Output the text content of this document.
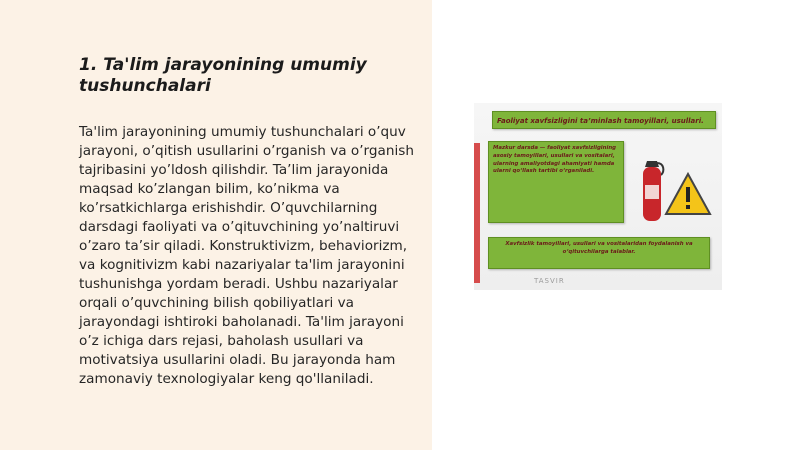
1. Ta'lim jarayonining umumiy tushunchalari

Ta'lim jarayonining umumiy tushunchalari o’quv jarayoni, o’qitish usullarini o’rganish va o’rganish tajribasini yo’ldosh qilishdir. Ta’lim jarayonida maqsad ko’zlangan bilim, ko’nikma va ko’rsatkichlarga erishishdir. O’quvchilarning darsdagi faoliyati va o’qituvchining yo’naltiruvi o’zaro ta’sir qiladi. Konstruktivizm, behaviorizm, va kognitivizm kabi nazariyalar ta'lim jarayonini tushunishga yordam beradi. Ushbu nazariyalar orqali o’quvchining bilish qobiliyatlari va jarayondagi ishtiroki baholanadi. Ta'lim jarayoni o’z ichiga dars rejasi, baholash usullari va motivatsiya usullarini oladi. Bu jarayonda ham zamonaviy texnologiyalar keng qo'llaniladi.

Faoliyat xavfsizligini ta’minlash tamoyillari, usullari.
Mazkur darsda — faoliyat xavfsizligining asosiy tamoyillari, usullari va vositalari, ularning amaliyotdagi ahamiyati hamda ularni qo‘llash tartibi o‘rganiladi.
Xavfsizlik tamoyillari, usullari va vositalaridan foydalanish va o‘qituvchilarga talablar.
TASVIR
